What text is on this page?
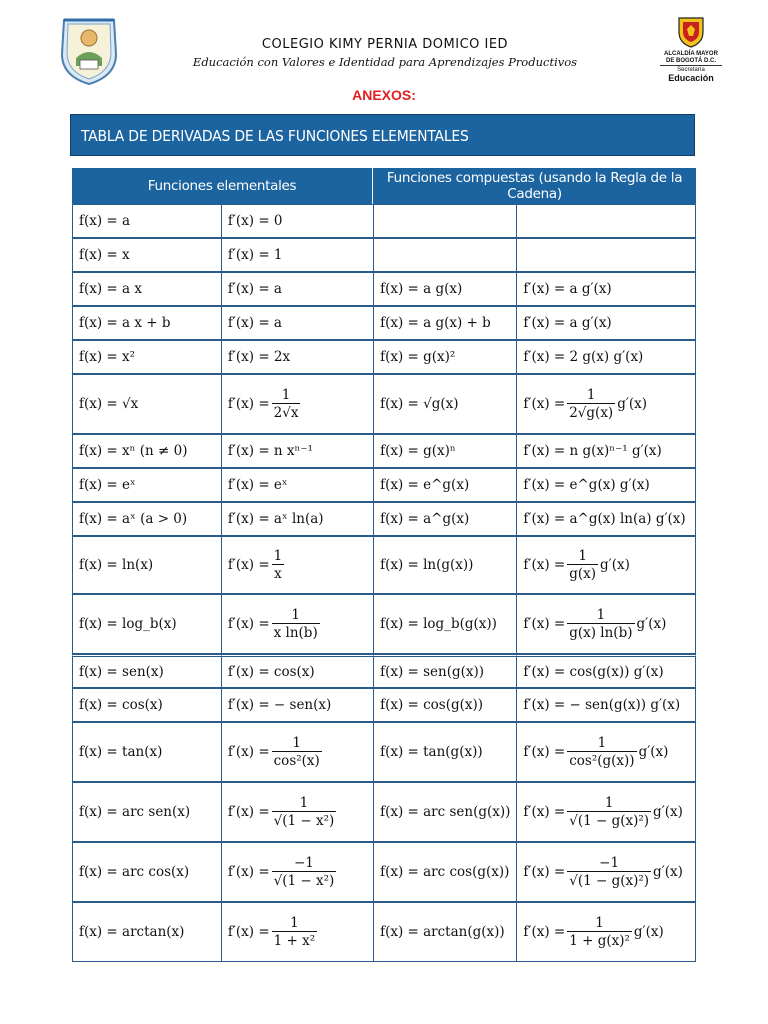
COLEGIO KIMY PERNIA DOMICO IED
Educación con Valores e Identidad para Aprendizajes Productivos
ALCALDÍA MAYOR
DE BOGOTÁ D.C.
Secretaría
Educación
ANEXOS:
TABLA DE DERIVADAS DE LAS FUNCIONES ELEMENTALES
Funciones elementales		Funciones compuestas (usando la Regla de la Cadena)	
f(x) = a	f′(x) = 0		
f(x) = x	f′(x) = 1		
f(x) = a x	f′(x) = a	f(x) = a g(x)	f′(x) = a g′(x)
f(x) = a x + b	f′(x) = a	f(x) = a g(x) + b	f′(x) = a g′(x)
f(x) = x²	f′(x) = 2x	f(x) = g(x)²	f′(x) = 2 g(x) g′(x)
f(x) = √x	$f'(x) = \frac{1}{2√x}$	f(x) = √g(x)	$f'(x) = \frac{1}{2√g(x)} g'(x)$
f(x) = xⁿ (n ≠ 0)	f′(x) = n xⁿ⁻¹	f(x) = g(x)ⁿ	f′(x) = n g(x)ⁿ⁻¹ g′(x)
f(x) = eˣ	f′(x) = eˣ	f(x) = e^g(x)	f′(x) = e^g(x) g′(x)
f(x) = aˣ (a > 0)	f′(x) = aˣ ln(a)	f(x) = a^g(x)	f′(x) = a^g(x) ln(a) g′(x)
f(x) = ln(x)	$f'(x) = \frac{1}{x}$	f(x) = ln(g(x))	$f'(x) = \frac{1}{g(x)} g'(x)$
f(x) = log_b(x)	$f'(x) = \frac{1}{\text{x ln(b)}}$	f(x) = log_b(g(x))	$f'(x) = \frac{1}{g(x) \ln(b)} g'(x)$
f(x) = sen(x)	f′(x) = cos(x)	f(x) = sen(g(x))	f′(x) = cos(g(x)) g′(x)
f(x) = cos(x)	f′(x) = − sen(x)	f(x) = cos(g(x))	f′(x) = − sen(g(x)) g′(x)
f(x) = tan(x)	$f'(x) = \frac{1}{\text{cos²(x)}}$	f(x) = tan(g(x))	$f'(x) = \frac{1}{\text{cos²(g(x))}} g'(x)$
f(x) = arc sen(x)	$f'(x) = \frac{1}{\text{√(1 − x²)}}$	f(x) = arc sen(g(x))	$f'(x) = \frac{1}{\text{√(1 − g(x)²)}} g'(x)$
f(x) = arc cos(x)	$f'(x) = \frac{-1}{\text{√(1 − x²)}}$	f(x) = arc cos(g(x))	$f'(x) = \frac{-1}{\text{√(1 − g(x)²)}} g'(x)$
f(x) = arctan(x)	$f'(x) = \frac{1}{\text{1 + x²}}$	f(x) = arctan(g(x))	$f'(x) = \frac{1}{\text{1 + g(x)²}} g'(x)$
